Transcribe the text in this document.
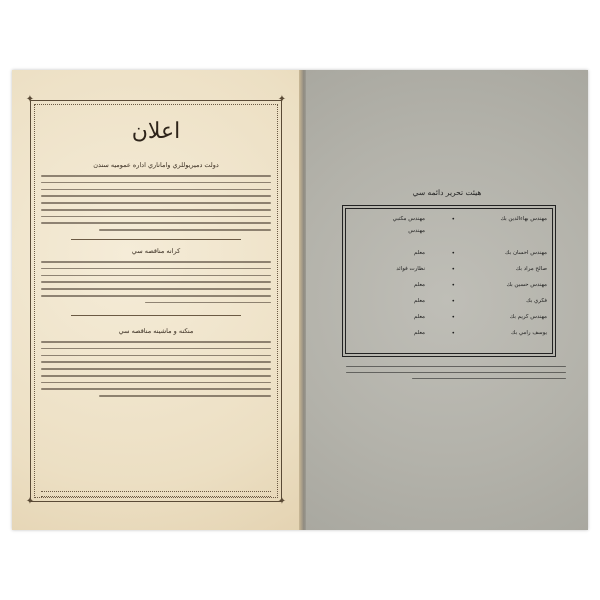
✦	✦
✦	✦
اعلان
دولت دميريوللري واماناري اداره عموميه سندن
كرانه مناقصه سي
منكنه و ماشينه مناقصه سي
هيئت تحرير دائمه سي
مهندس بهاءالدين بك
•
مهندس مكتبي
مهندس
مهندس احسان بك
•
معلم
صالح مراد بك
•
نظارت فوائد
مهندس حسين بك
•
معلم
فكري بك
•
معلم
مهندس كريم بك
•
معلم
يوسف رامي بك
•
معلم
